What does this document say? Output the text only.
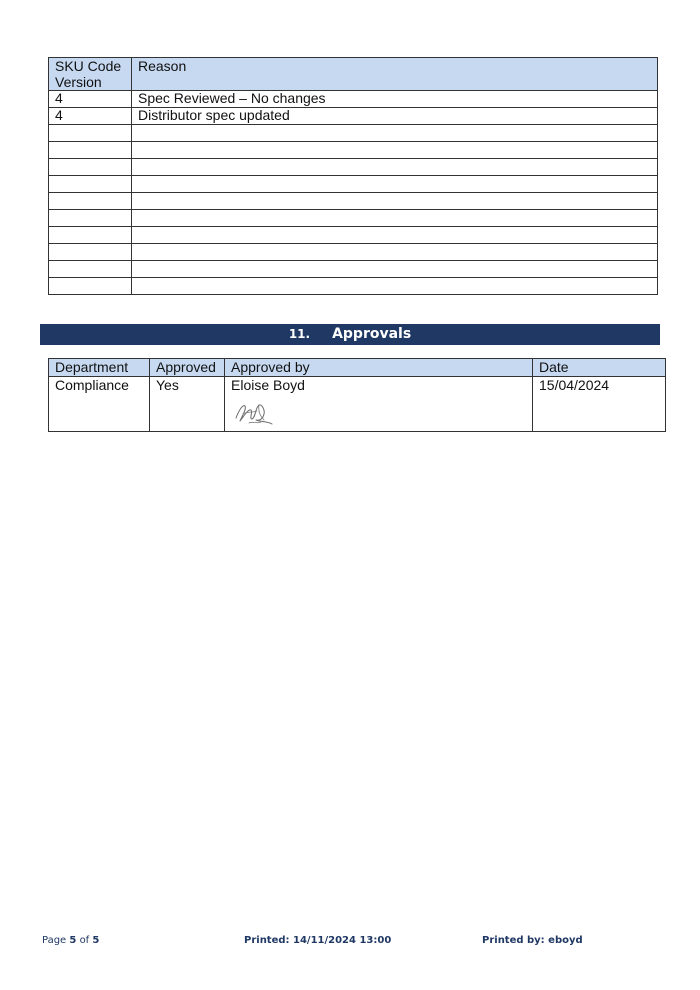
SKU Code Version	Reason
4	Spec Reviewed – No changes
4	Distributor spec updated

11. Approvals
Department	Approved	Approved by	Date
Compliance	Yes	Eloise Boyd	15/04/2024
Page 5 of 5	Printed: 14/11/2024 13:00	Printed by: eboyd
